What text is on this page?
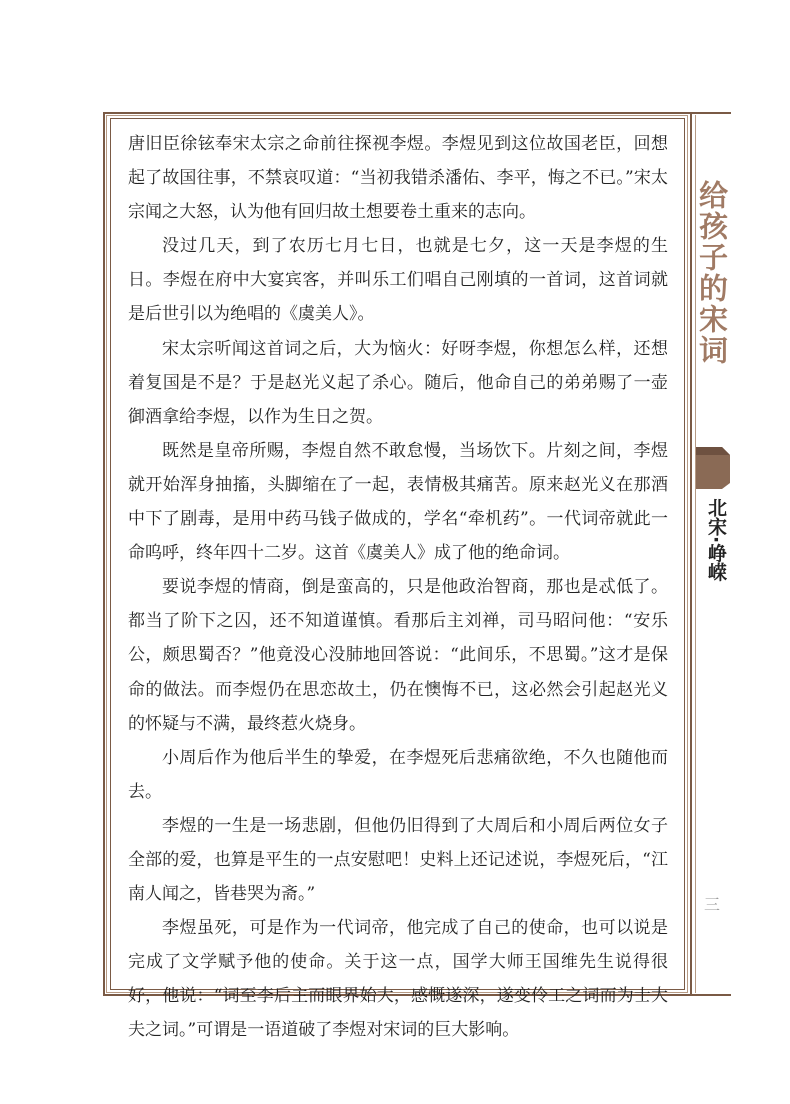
唐旧臣徐铉奉宋太宗之命前往探视李煜。李煜见到这位故国老臣，回想起了故国往事，不禁哀叹道：“当初我错杀潘佑、李平，悔之不已。”宋太宗闻之大怒，认为他有回归故土想要卷土重来的志向。

没过几天，到了农历七月七日，也就是七夕，这一天是李煜的生日。李煜在府中大宴宾客，并叫乐工们唱自己刚填的一首词，这首词就是后世引以为绝唱的《虞美人》。

宋太宗听闻这首词之后，大为恼火：好呀李煜，你想怎么样，还想着复国是不是？于是赵光义起了杀心。随后，他命自己的弟弟赐了一壶御酒拿给李煜，以作为生日之贺。

既然是皇帝所赐，李煜自然不敢怠慢，当场饮下。片刻之间，李煜就开始浑身抽搐，头脚缩在了一起，表情极其痛苦。原来赵光义在那酒中下了剧毒，是用中药马钱子做成的，学名“牵机药”。一代词帝就此一命呜呼，终年四十二岁。这首《虞美人》成了他的绝命词。

要说李煜的情商，倒是蛮高的，只是他政治智商，那也是忒低了。都当了阶下之囚，还不知道谨慎。看那后主刘禅，司马昭问他：“安乐公，颇思蜀否？”他竟没心没肺地回答说：“此间乐，不思蜀。”这才是保命的做法。而李煜仍在思恋故土，仍在懊悔不已，这必然会引起赵光义的怀疑与不满，最终惹火烧身。

小周后作为他后半生的挚爱，在李煜死后悲痛欲绝，不久也随他而去。

李煜的一生是一场悲剧，但他仍旧得到了大周后和小周后两位女子全部的爱，也算是平生的一点安慰吧！史料上还记述说，李煜死后，“江南人闻之，皆巷哭为斋。”

李煜虽死，可是作为一代词帝，他完成了自己的使命，也可以说是完成了文学赋予他的使命。关于这一点，国学大师王国维先生说得很好，他说：“词至李后主而眼界始大，感慨遂深，遂变伶工之词而为士大夫之词。”可谓是一语道破了李煜对宋词的巨大影响。

给孩子的宋词
北宋·峥嵘
三
